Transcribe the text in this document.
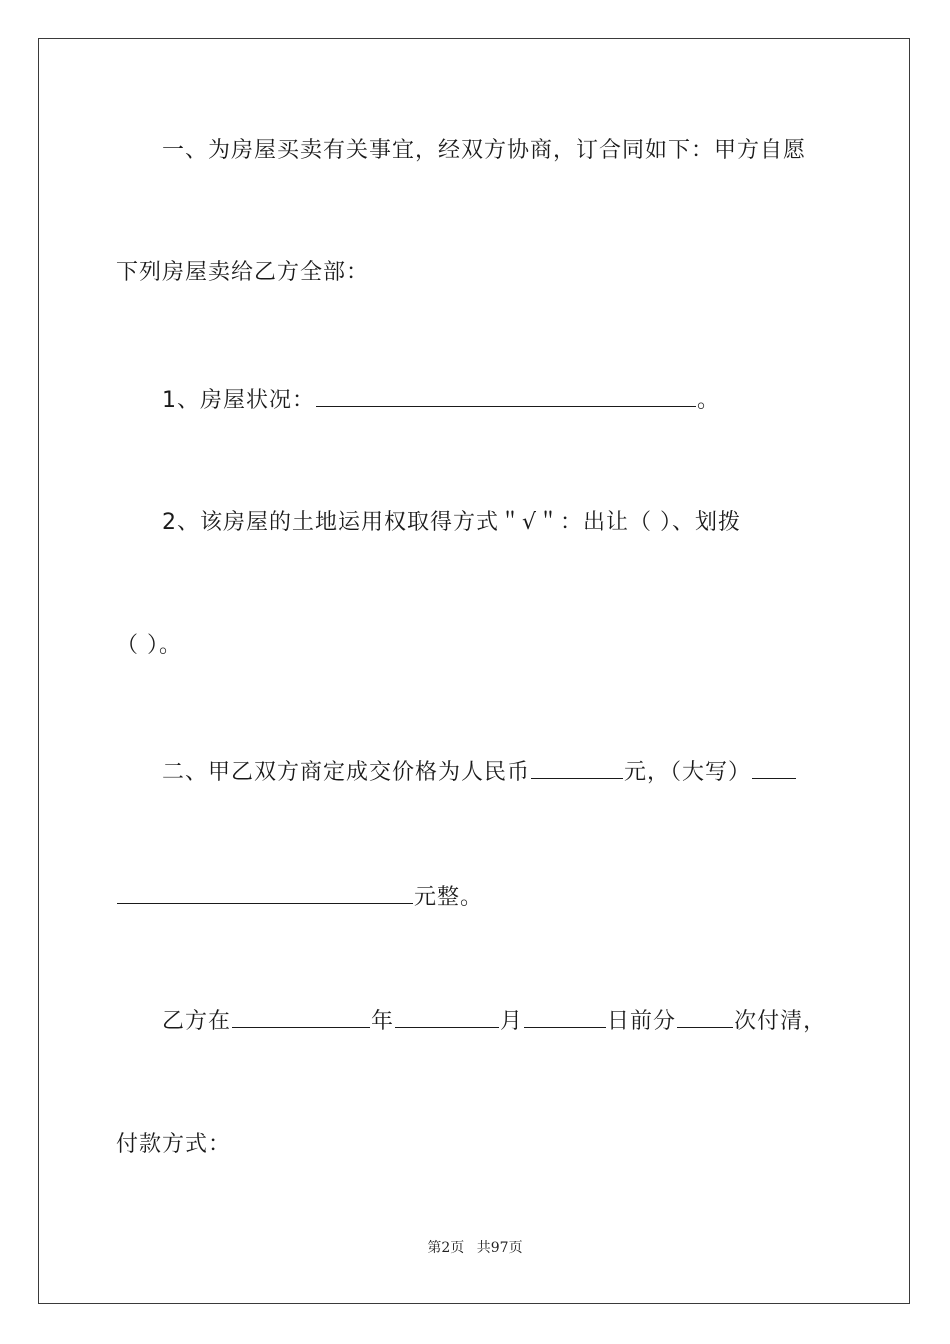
一、为房屋买卖有关事宜，经双方协商，订合同如下：甲方自愿
下列房屋卖给乙方全部：
1、房屋状况：	。
2、该房屋的土地运用权取得方式＂√＂：出让（ ）、划拨
（ ）。
二、甲乙双方商定成交价格为人民币	元，（大写）
元整。
乙方在	年	月	日前分	次付清，
付款方式：
第2页 共97页
